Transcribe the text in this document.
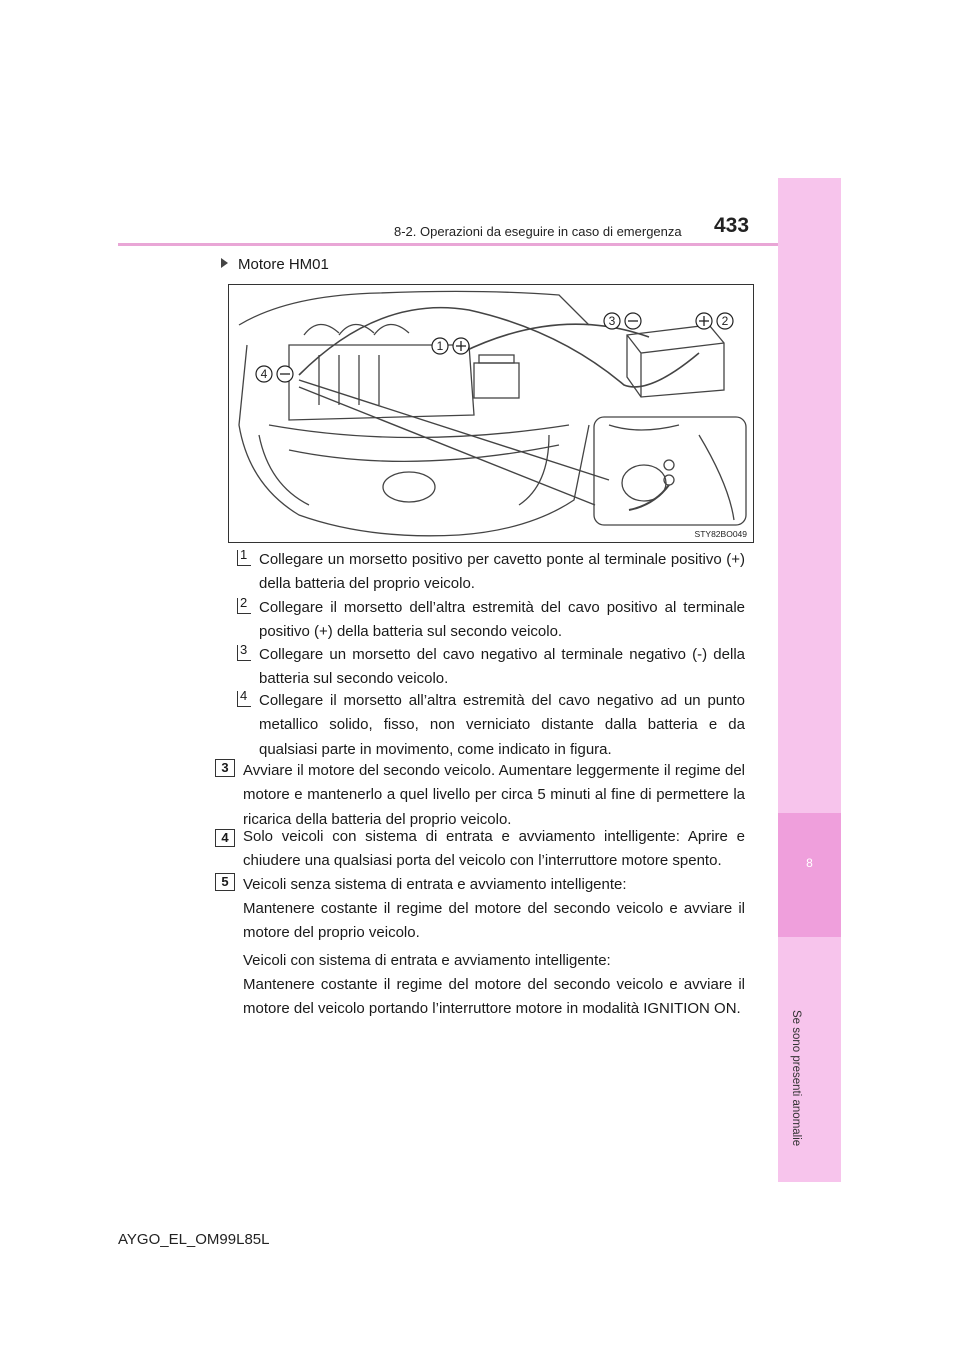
8
Se sono presenti anomalie
8-2. Operazioni da eseguire in caso di emergenza 433
Motore HM01
3	2
1
4
STY82BO049
1 Collegare un morsetto positivo per cavetto ponte al terminale positivo (+) della batteria del proprio veicolo.
2 Collegare il morsetto dell’altra estremità del cavo positivo al terminale positivo (+) della batteria sul secondo veicolo.
3 Collegare un morsetto del cavo negativo al terminale negativo (-) della batteria sul secondo veicolo.
4 Collegare il morsetto all’altra estremità del cavo negativo ad un punto metallico solido, fisso, non verniciato distante dalla batteria e da qualsiasi parte in movimento, come indicato in figura.
3 Avviare il motore del secondo veicolo. Aumentare leggermente il regime del motore e mantenerlo a quel livello per circa 5 minuti al fine di permettere la ricarica della batteria del proprio veicolo.
4 Solo veicoli con sistema di entrata e avviamento intelligente: Aprire e chiudere una qualsiasi porta del veicolo con l’interruttore motore spento.
5 Veicoli senza sistema di entrata e avviamento intelligente:
Mantenere costante il regime del motore del secondo veicolo e avviare il motore del proprio veicolo.
Veicoli con sistema di entrata e avviamento intelligente:
Mantenere costante il regime del motore del secondo veicolo e avviare il motore del veicolo portando l’interruttore motore in modalità IGNITION ON.
AYGO_EL_OM99L85L
